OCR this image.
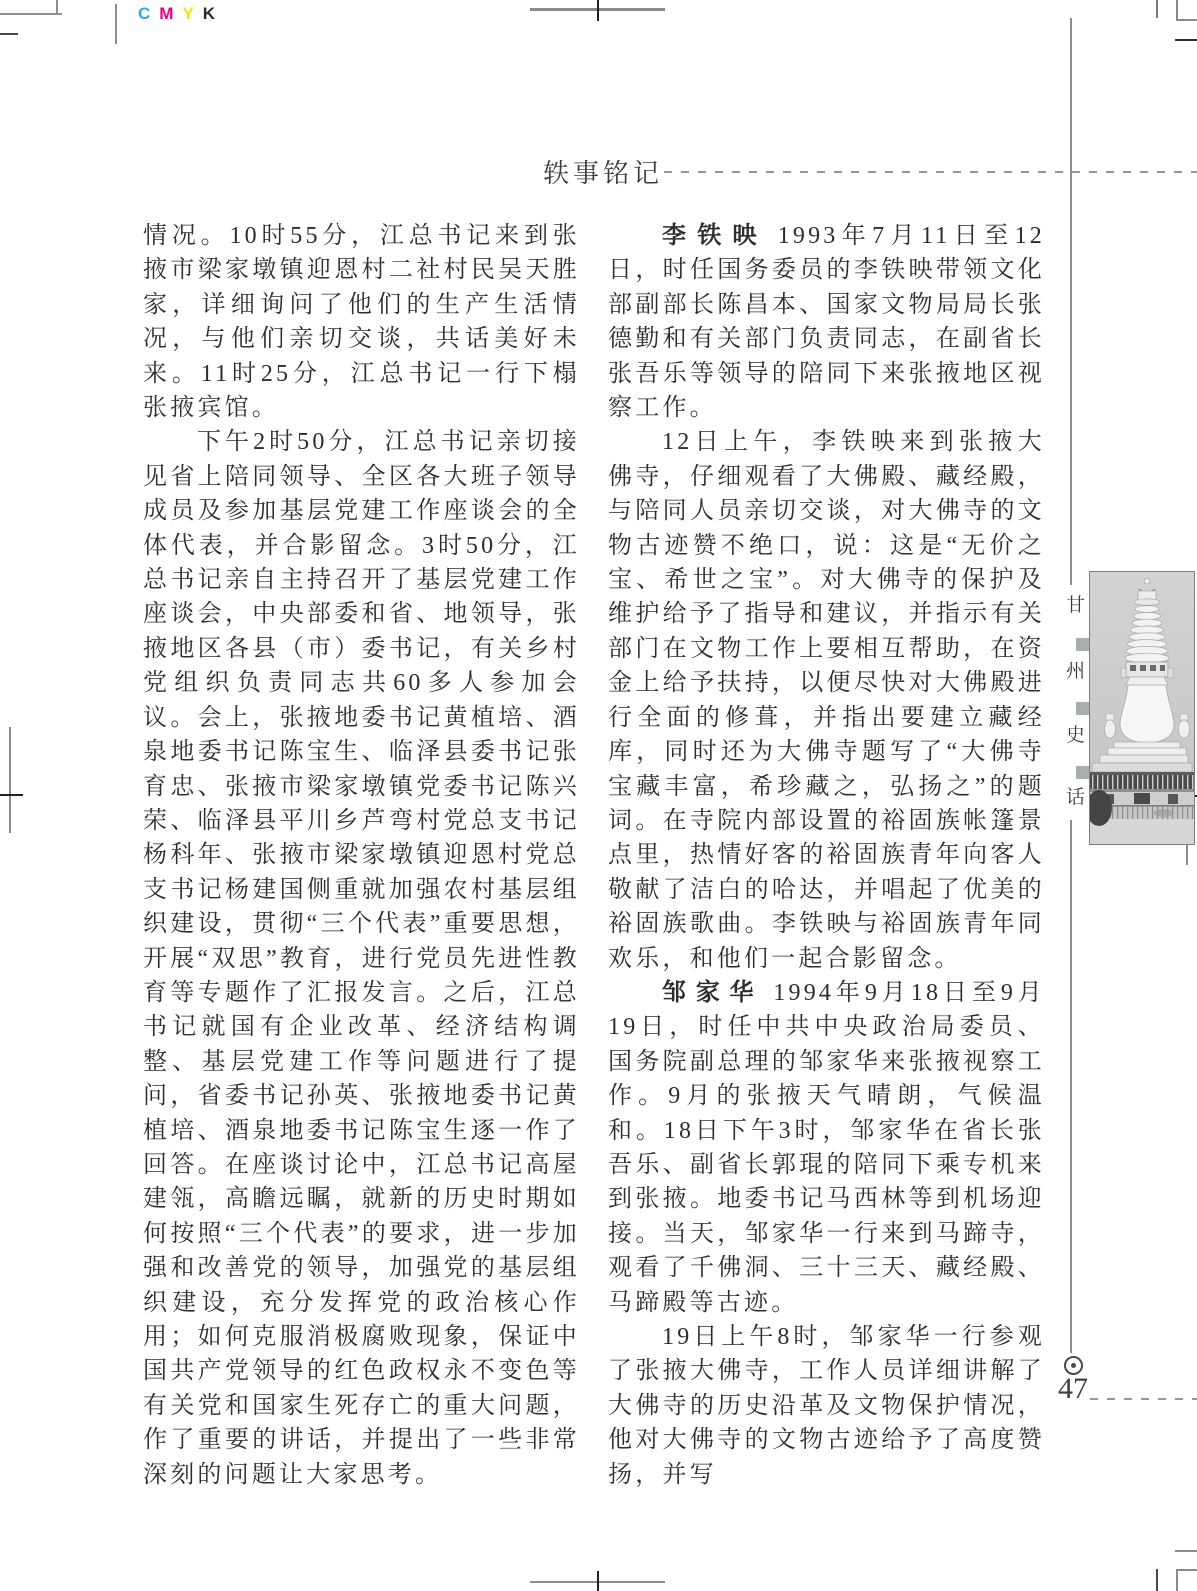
C M Y K
轶事铭记

情况。10时55分，江总书记来到张掖市梁家墩镇迎恩村二社村民吴天胜家，详细询问了他们的生产生活情况，与他们亲切交谈，共话美好未来。11时25分，江总书记一行下榻张掖宾馆。

下午2时50分，江总书记亲切接见省上陪同领导、全区各大班子领导成员及参加基层党建工作座谈会的全体代表，并合影留念。3时50分，江总书记亲自主持召开了基层党建工作座谈会，中央部委和省、地领导，张掖地区各县（市）委书记，有关乡村党组织负责同志共60多人参加会议。会上，张掖地委书记黄植培、酒泉地委书记陈宝生、临泽县委书记张育忠、张掖市梁家墩镇党委书记陈兴荣、临泽县平川乡芦弯村党总支书记杨科年、张掖市梁家墩镇迎恩村党总支书记杨建国侧重就加强农村基层组织建设，贯彻“三个代表”重要思想，开展“双思”教育，进行党员先进性教育等专题作了汇报发言。之后，江总书记就国有企业改革、经济结构调整、基层党建工作等问题进行了提问，省委书记孙英、张掖地委书记黄植培、酒泉地委书记陈宝生逐一作了回答。在座谈讨论中，江总书记高屋建瓴，高瞻远瞩，就新的历史时期如何按照“三个代表”的要求，进一步加强和改善党的领导，加强党的基层组织建设，充分发挥党的政治核心作用；如何克服消极腐败现象，保证中国共产党领导的红色政权永不变色等有关党和国家生死存亡的重大问题，作了重要的讲话，并提出了一些非常深刻的问题让大家思考。

李铁映 1993年7月11日至12日，时任国务委员的李铁映带领文化部副部长陈昌本、国家文物局局长张德勤和有关部门负责同志，在副省长张吾乐等领导的陪同下来张掖地区视察工作。

12日上午，李铁映来到张掖大佛寺，仔细观看了大佛殿、藏经殿，与陪同人员亲切交谈，对大佛寺的文物古迹赞不绝口，说：这是“无价之宝、希世之宝”。对大佛寺的保护及维护给予了指导和建议，并指示有关部门在文物工作上要相互帮助，在资金上给予扶持，以便尽快对大佛殿进行全面的修葺，并指出要建立藏经库，同时还为大佛寺题写了“大佛寺宝藏丰富，希珍藏之，弘扬之”的题词。在寺院内部设置的裕固族帐篷景点里，热情好客的裕固族青年向客人敬献了洁白的哈达，并唱起了优美的裕固族歌曲。李铁映与裕固族青年同欢乐，和他们一起合影留念。

邹家华 1994年9月18日至9月19日，时任中共中央政治局委员、国务院副总理的邹家华来张掖视察工作。9月的张掖天气晴朗，气候温和。18日下午3时，邹家华在省长张吾乐、副省长郭琨的陪同下乘专机来到张掖。地委书记马西林等到机场迎接。当天，邹家华一行来到马蹄寺，观看了千佛洞、三十三天、藏经殿、马蹄殿等古迹。

19日上午8时，邹家华一行参观了张掖大佛寺，工作人员详细讲解了大佛寺的历史沿革及文物保护情况，他对大佛寺的文物古迹给予了高度赞扬，并写

甘
州
史
话
47
